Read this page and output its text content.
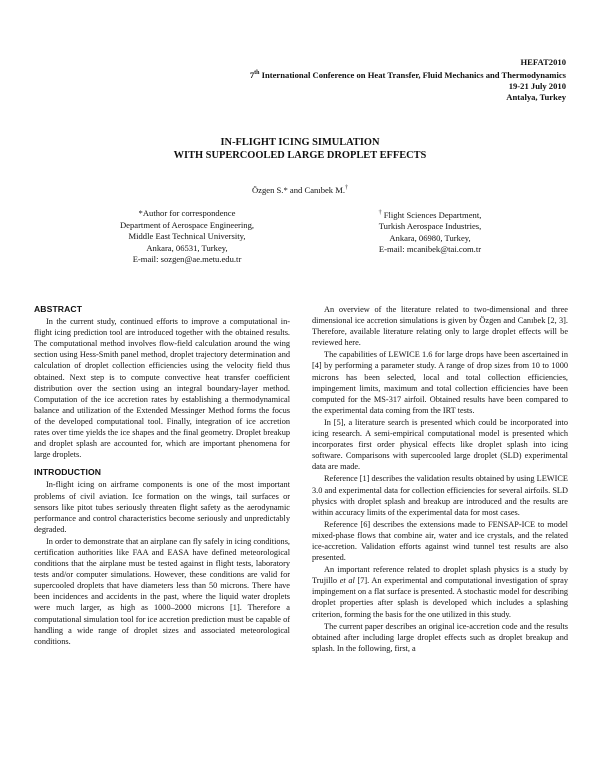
HEFAT2010
7th International Conference on Heat Transfer, Fluid Mechanics and Thermodynamics
19-21 July 2010
Antalya, Turkey
IN-FLIGHT ICING SIMULATION
WITH SUPERCOOLED LARGE DROPLET EFFECTS
Özgen S.* and Canıbek M.†
*Author for correspondence
Department of Aerospace Engineering,
Middle East Technical University,
Ankara, 06531, Turkey,
E-mail: sozgen@ae.metu.edu.tr
† Flight Sciences Department,
Turkish Aerospace Industries,
Ankara, 06980, Turkey,
E-mail: mcanibek@tai.com.tr
ABSTRACT

In the current study, continued efforts to improve a computational in-flight icing prediction tool are introduced together with the obtained results. The computational method involves flow-field calculation around the wing section using Hess-Smith panel method, droplet trajectory determination and calculation of droplet collection efficiencies using the velocity field thus obtained. Next step is to compute convective heat transfer coefficient distribution over the section using an integral boundary-layer method. Computation of the ice accretion rates by establishing a thermodynamical balance and utilization of the Extended Messinger Method forms the focus of the developed computational tool. Finally, integration of ice accretion rates over time yields the ice shapes and the final geometry. Droplet breakup and droplet splash are accounted for, which are important phenomena for large droplets.

INTRODUCTION

In-flight icing on airframe components is one of the most important problems of civil aviation. Ice formation on the wings, tail surfaces or sensors like pitot tubes seriously threaten flight safety as the aerodynamic performance and control characteristics become seriously and unpredictably degraded.

In order to demonstrate that an airplane can fly safely in icing conditions, certification authorities like FAA and EASA have defined meteorological conditions that the airplane must be tested against in flight tests, laboratory tests and/or computer simulations. However, these conditions are valid for supercooled droplets that have diameters less than 50 microns. There have been incidences and accidents in the past, where the liquid water droplets were much larger, as high as 1000–2000 microns [1]. Therefore a computational simulation tool for ice accretion prediction must be capable of handling a wide range of droplet sizes and associated meteorological conditions.

An overview of the literature related to two-dimensional and three dimensional ice accretion simulations is given by Özgen and Canıbek [2, 3]. Therefore, available literature relating only to large droplet effects will be reviewed here.

The capabilities of LEWICE 1.6 for large drops have been ascertained in [4] by performing a parameter study. A range of drop sizes from 10 to 1000 microns has been selected, local and total collection efficiencies, impingement limits, maximum and total collection efficiencies have been computed for the MS-317 airfoil. Obtained results have been compared to the experimental data coming from the IRT tests.

In [5], a literature search is presented which could be incorporated into icing research. A semi-empirical computational model is presented which incorporates first order physical effects like droplet splash into icing software. Comparisons with supercooled large droplet (SLD) experimental data are made.

Reference [1] describes the validation results obtained by using LEWICE 3.0 and experimental data for collection efficiencies for several airfoils. SLD physics with droplet splash and breakup are introduced and the results are within accuracy limits of the experimental data for most cases.

Reference [6] describes the extensions made to FENSAP-ICE to model mixed-phase flows that combine air, water and ice crystals, and the related ice-accretion. Validation efforts against wind tunnel test results are also presented.

An important reference related to droplet splash physics is a study by Trujillo et al [7]. An experimental and computational investigation of spray impingement on a flat surface is presented. A stochastic model for describing droplet properties after splash is developed which includes a splashing criterion, forming the basis for the one utilized in this study.

The current paper describes an original ice-accretion code and the results obtained after including large droplet effects such as droplet breakup and splash. In the following, first, a
